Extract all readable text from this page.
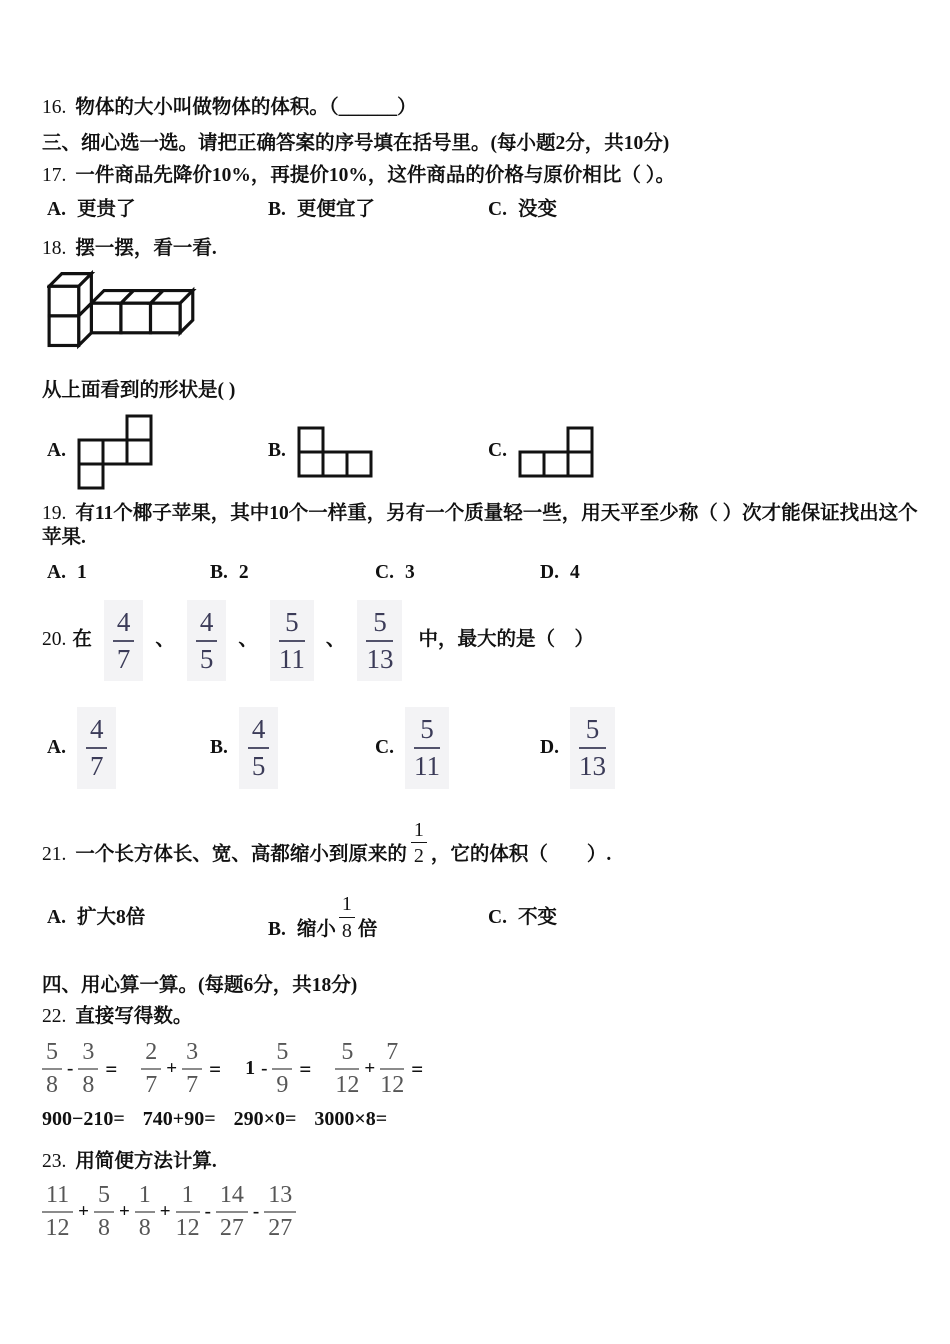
16. 物体的大小叫做物体的体积。（______）
三、细心选一选。请把正确答案的序号填在括号里。(每小题2分，共10分)
17. 一件商品先降价10%，再提价10%，这件商品的价格与原价相比（ ）。
A. 更贵了	B. 更便宜了	C. 没变
18. 摆一摆，看一看.
从上面看到的形状是( )
A.	B.	C.
19. 有11个椰子苹果，其中10个一样重，另有一个质量轻一些，用天平至少称（ ）次才能保证找出这个苹果.
A. 1	B. 2	C. 3	D. 4
20. 在 $\frac{4}{7}$ 、 $\frac{4}{5}$ 、 $\frac{5}{11}$ 、 $\frac{5}{13}$ 中，最大的是（　）
A. $\frac{4}{7}$	B. $\frac{4}{5}$	C. $\frac{5}{11}$	D. $\frac{5}{13}$
21. 一个长方体长、宽、高都缩小到原来的 $\frac{1}{2}$ ，它的体积（　　）.
A. 扩大8倍
B. 缩小 $\frac{1}{8}$ 倍
C. 不变
四、用心算一算。(每题6分，共18分)
22. 直接写得数。
$\frac{5}{8} - \frac{3}{8} = \frac{2}{7} + \frac{3}{7} = 1 - \frac{5}{9} = \frac{5}{12} + \frac{7}{12}$ =
900−210= 740+90= 290×0= 3000×8=
23. 用简便方法计算.
$\frac{11}{12} + \frac{5}{8} + \frac{1}{8} + \frac{1}{12} - \frac{14}{27} - \frac{13}{27}$
